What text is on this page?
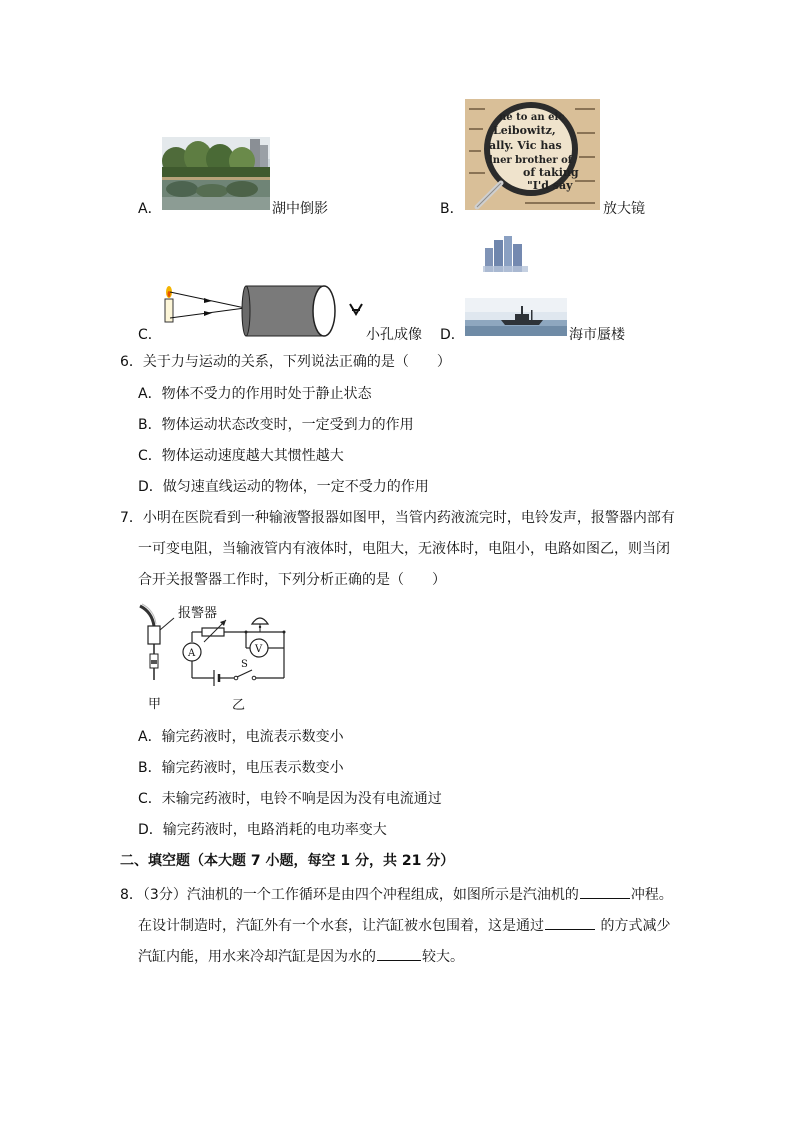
A．	湖中倒影
ne to an elc
Leibowitz,
ally. Vic has
lner brother of
of taking
"I'd say
B．	放大镜
C．	小孔成像 D．	海市蜃楼
6．关于力与运动的关系，下列说法正确的是（　　）
A．物体不受力的作用时处于静止状态
B．物体运动状态改变时，一定受到力的作用
C．物体运动速度越大其惯性越大
D．做匀速直线运动的物体，一定不受力的作用
7．小明在医院看到一种输液警报器如图甲，当管内药液流完时，电铃发声，报警器内部有
一可变电阻，当输液管内有液体时，电阻大，无液体时，电阻小，电路如图乙，则当闭
合开关报警器工作时，下列分析正确的是（　　）
报警器
甲
A	V
S
乙
A．输完药液时，电流表示数变小
B．输完药液时，电压表示数变小
C．未输完药液时，电铃不响是因为没有电流通过
D．输完药液时，电路消耗的电功率变大
二、填空题（本大题 7 小题，每空 1 分，共 21 分）
8．（3分）汽油机的一个工作循环是由四个冲程组成，如图所示是汽油机的	冲程。
在设计制造时，汽缸外有一个水套，让汽缸被水包围着，这是通过	的方式减少
汽缸内能，用水来冷却汽缸是因为水的	较大。
